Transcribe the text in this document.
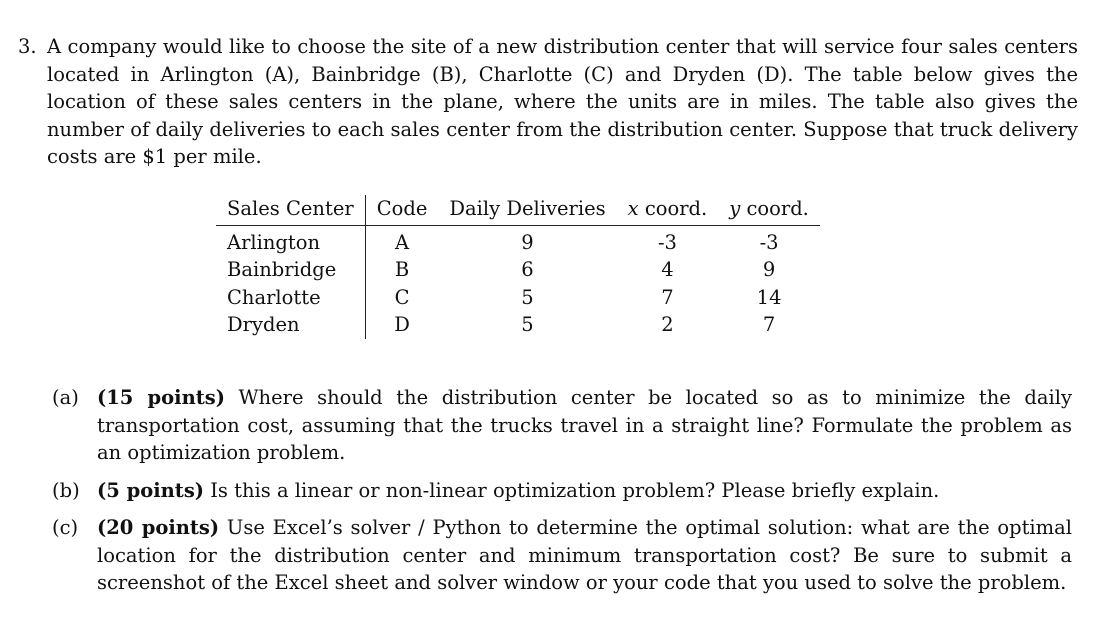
3. A company would like to choose the site of a new distribution center that will service four sales centers located in Arlington (A), Bainbridge (B), Charlotte (C) and Dryden (D). The table below gives the location of these sales centers in the plane, where the units are in miles. The table also gives the number of daily deliveries to each sales center from the distribution center. Suppose that truck delivery costs are $1 per mile.
Sales Center	Code	Daily Deliveries	x coord.	y coord.
Arlington	A	9	-3	-3
Bainbridge	B	6	4	9
Charlotte	C	5	7	14
Dryden	D	5	2	7
(a) (15 points) Where should the distribution center be located so as to minimize the daily transportation cost, assuming that the trucks travel in a straight line? Formulate the problem as an optimization problem.
(b) (5 points) Is this a linear or non-linear optimization problem? Please briefly explain.
(c) (20 points) Use Excel’s solver / Python to determine the optimal solution: what are the optimal location for the distribution center and minimum transportation cost? Be sure to submit a screenshot of the Excel sheet and solver window or your code that you used to solve the problem.
